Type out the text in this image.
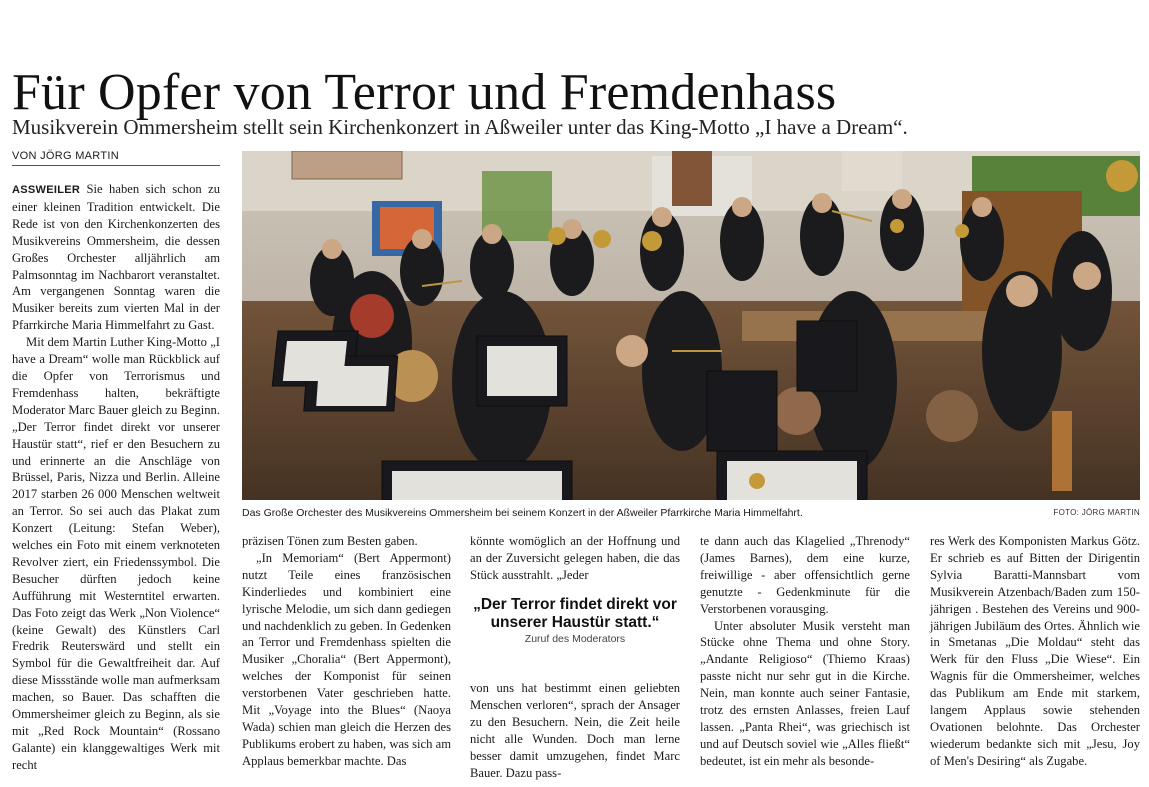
Für Opfer von Terror und Fremdenhass
Musikverein Ommersheim stellt sein Kirchenkonzert in Aßweiler unter das King-Motto „I have a Dream“.
VON JÖRG MARTIN

ASSWEILER Sie haben sich schon zu einer kleinen Tradition entwickelt. Die Rede ist von den Kirchenkonzerten des Musikvereins Ommersheim, die dessen Großes Orchester alljährlich am Palmsonntag im Nachbarort veranstaltet. Am vergangenen Sonntag waren die Musiker bereits zum vierten Mal in der Pfarrkirche Maria Himmelfahrt zu Gast.

Mit dem Martin Luther King-Motto „I have a Dream“ wolle man Rückblick auf die Opfer von Terrorismus und Fremdenhass halten, bekräftigte Moderator Marc Bauer gleich zu Beginn. „Der Terror findet direkt vor unserer Haustür statt“, rief er den Besuchern zu und erinnerte an die Anschläge von Brüssel, Paris, Nizza und Berlin. Alleine 2017 starben 26 000 Menschen weltweit an Terror. So sei auch das Plakat zum Konzert (Leitung: Stefan Weber), welches ein Foto mit einem verknoteten Revolver ziert, ein Friedenssymbol. Die Besucher dürften jedoch keine Aufführung mit Westerntitel erwarten. Das Foto zeigt das Werk „Non Violence“ (keine Gewalt) des Künstlers Carl Fredrik Reuterswärd und stellt ein Symbol für die Gewaltfreiheit dar. Auf diese Missstände wolle man aufmerksam machen, so Bauer. Das schafften die Ommersheimer gleich zu Beginn, als sie mit „Red Rock Mountain“ (Rossano Galante) ein klanggewaltiges Werk mit recht

Das Große Orchester des Musikvereins Ommersheim bei seinem Konzert in der Aßweiler Pfarrkirche Maria Himmelfahrt.	FOTO: JÖRG MARTIN

präzisen Tönen zum Besten gaben.

„In Memoriam“ (Bert Appermont) nutzt Teile eines französischen Kinderliedes und kombiniert eine lyrische Melodie, um sich dann gediegen und nachdenklich zu geben. In Gedenken an Terror und Fremdenhass spielten die Musiker „Choralia“ (Bert Appermont), welches der Komponist für seinen verstorbenen Vater geschrieben hatte. Mit „Voyage into the Blues“ (Naoya Wada) schien man gleich die Herzen des Publikums erobert zu haben, was sich am Applaus bemerkbar machte. Das

könnte womöglich an der Hoffnung und an der Zuversicht gelegen haben, die das Stück ausstrahlt. „Jeder

„Der Terror findet direkt vor unserer Haustür statt.“
Zuruf des Moderators

von uns hat bestimmt einen geliebten Menschen verloren“, sprach der Ansager zu den Besuchern. Nein, die Zeit heile nicht alle Wunden. Doch man lerne besser damit umzugehen, findet Marc Bauer. Dazu pass-

te dann auch das Klagelied „Threnody“ (James Barnes), dem eine kurze, freiwillige - aber offensichtlich gerne genutzte - Gedenkminute für die Verstorbenen vorausging.

Unter absoluter Musik versteht man Stücke ohne Thema und ohne Story. „Andante Religioso“ (Thiemo Kraas) passte nicht nur sehr gut in die Kirche. Nein, man konnte auch seiner Fantasie, trotz des ernsten Anlasses, freien Lauf lassen. „Panta Rhei“, was griechisch ist und auf Deutsch soviel wie „Alles fließt“ bedeutet, ist ein mehr als besonde-

res Werk des Komponisten Markus Götz. Er schrieb es auf Bitten der Dirigentin Sylvia Baratti-Mannsbart vom Musikverein Atzenbach/Baden zum 150-jährigen . Bestehen des Vereins und 900-jährigen Jubiläum des Ortes. Ähnlich wie in Smetanas „Die Moldau“ steht das Werk für den Fluss „Die Wiese“. Ein Wagnis für die Ommersheimer, welches das Publikum am Ende mit starkem, langem Applaus sowie stehenden Ovationen belohnte. Das Orchester wiederum bedankte sich mit „Jesu, Joy of Men's Desiring“ als Zugabe.
